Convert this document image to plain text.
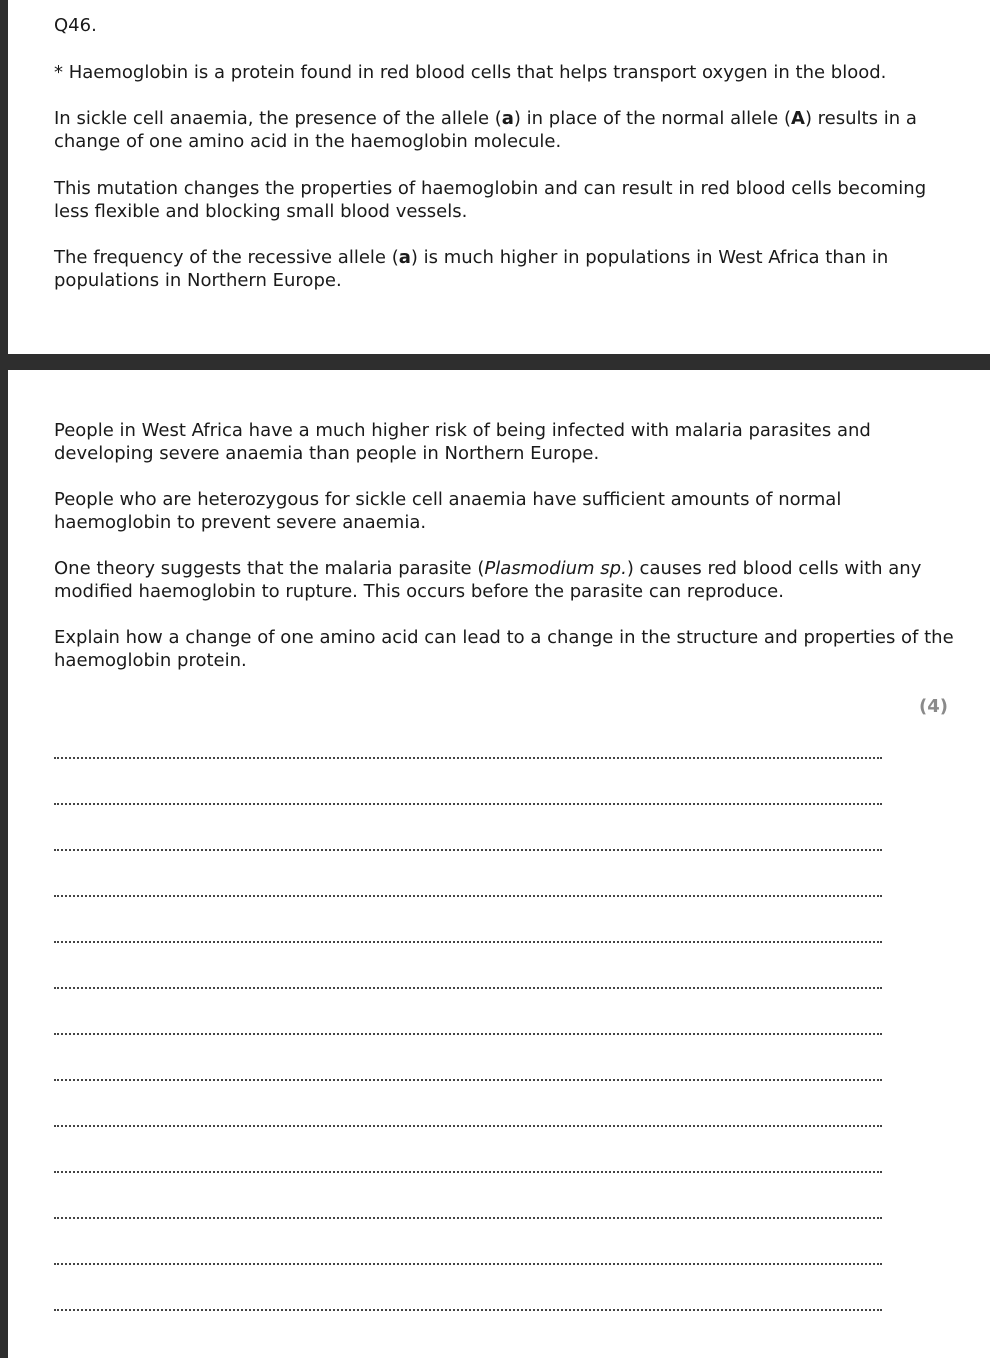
Q46.

* Haemoglobin is a protein found in red blood cells that helps transport oxygen in the blood.

In sickle cell anaemia, the presence of the allele (a) in place of the normal allele (A) results in a change of one amino acid in the haemoglobin molecule.

This mutation changes the properties of haemoglobin and can result in red blood cells becoming less flexible and blocking small blood vessels.

The frequency of the recessive allele (a) is much higher in populations in West Africa than in populations in Northern Europe.

People in West Africa have a much higher risk of being infected with malaria parasites and developing severe anaemia than people in Northern Europe.

People who are heterozygous for sickle cell anaemia have sufficient amounts of normal haemoglobin to prevent severe anaemia.

One theory suggests that the malaria parasite (Plasmodium sp.) causes red blood cells with any modified haemoglobin to rupture. This occurs before the parasite can reproduce.

Explain how a change of one amino acid can lead to a change in the structure and properties of the haemoglobin protein.

(4)
